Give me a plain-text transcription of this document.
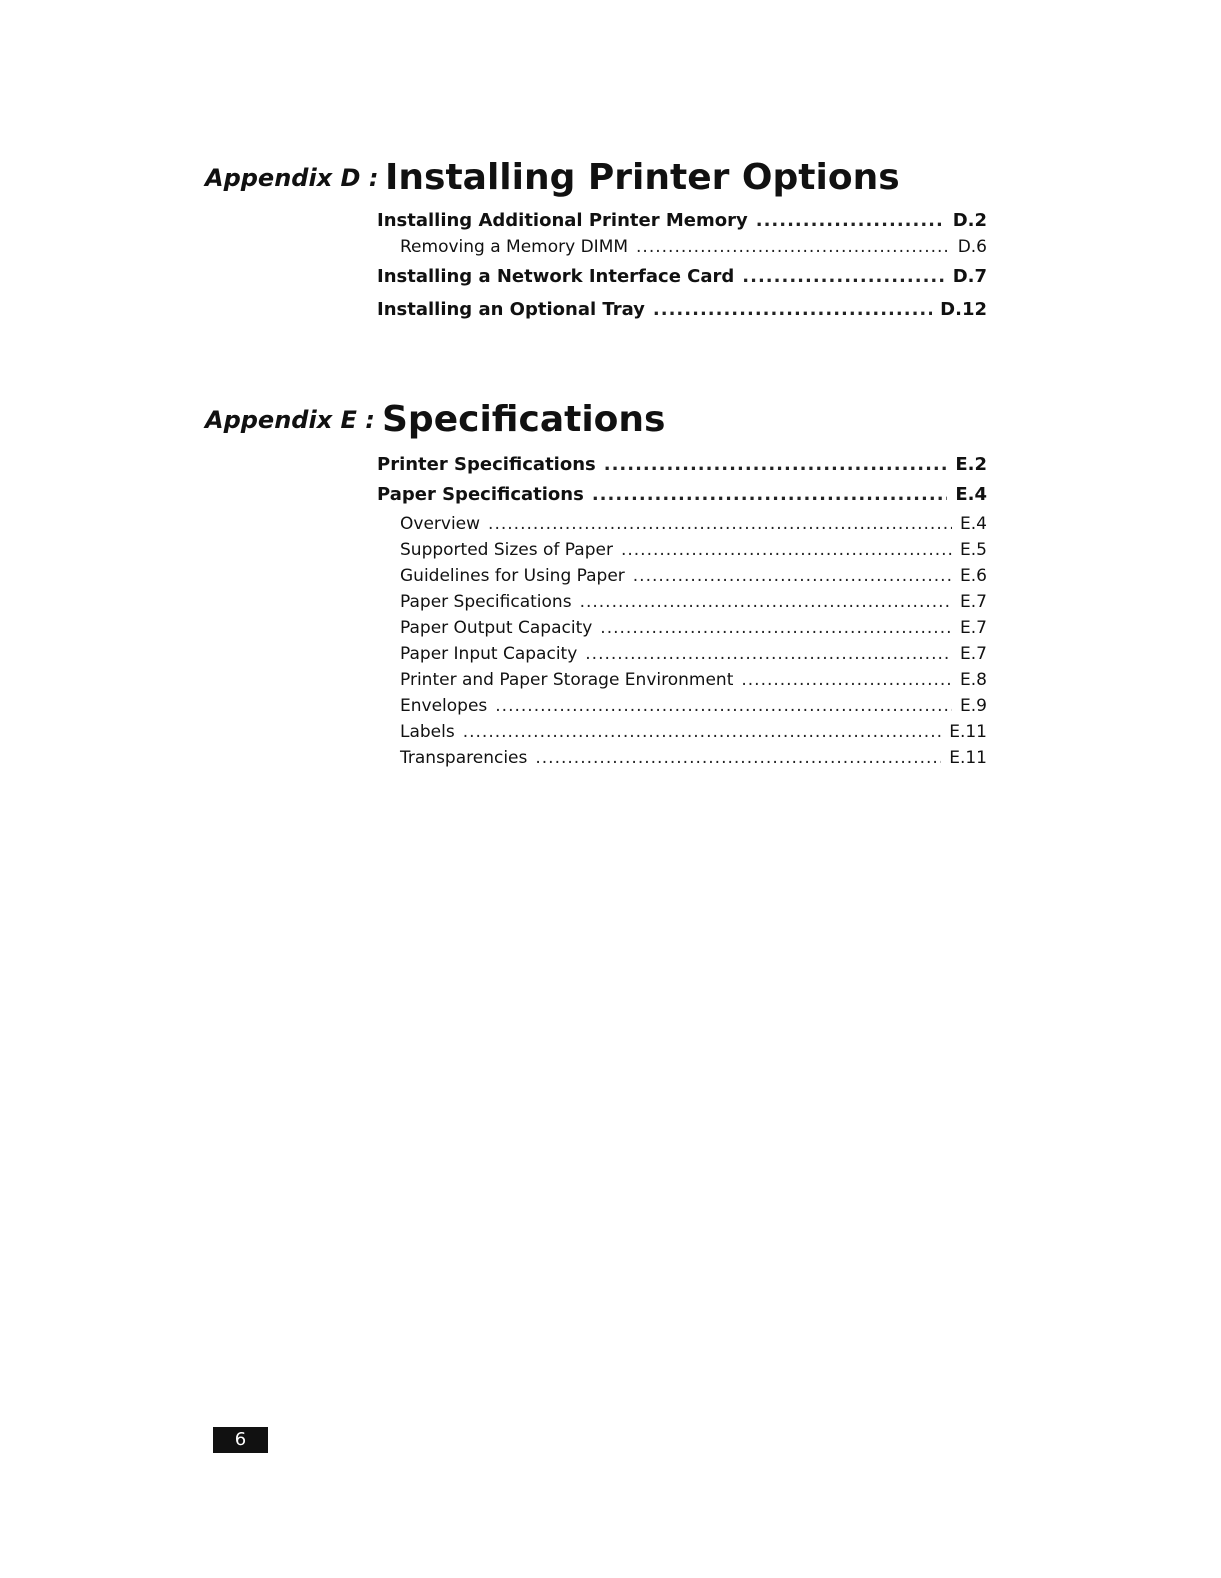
Appendix D : Installing Printer Options
Installing Additional Printer Memory .....	D.2
Removing a Memory DIMM .....	D.6
Installing a Network Interface Card .....	D.7
Installing an Optional Tray .....	D.12
Appendix E : Specifications
Printer Specifications .....	E.2
Paper Specifications .....	E.4
Overview .....	E.4
Supported Sizes of Paper .....	E.5
Guidelines for Using Paper .....	E.6
Paper Specifications .....	E.7
Paper Output Capacity .....	E.7
Paper Input Capacity .....	E.7
Printer and Paper Storage Environment .....	E.8
Envelopes .....	E.9
Labels .....	E.11
Transparencies .....	E.11
6
